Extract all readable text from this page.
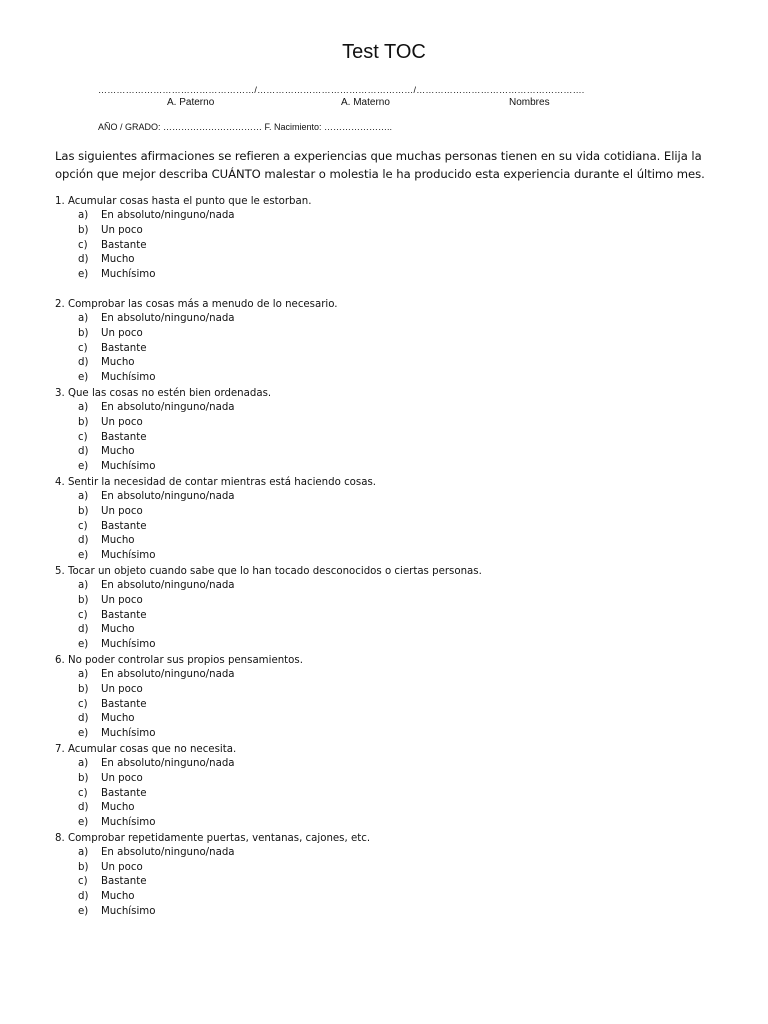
Test TOC
……………………………………………/……………………………………………/……………………………………………….
A. Paterno	A. Materno	Nombres
AÑO / GRADO: …………………………… F. Nacimiento: …………………..
Las siguientes afirmaciones se refieren a experiencias que muchas personas tienen en su vida cotidiana. Elija la opción que mejor describa CUÁNTO malestar o molestia le ha producido esta experiencia durante el último mes.
1. Acumular cosas hasta el punto que le estorban.
a) En absoluto/ninguno/nada
b) Un poco
c) Bastante
d) Mucho
e) Muchísimo
2. Comprobar las cosas más a menudo de lo necesario.
a) En absoluto/ninguno/nada
b) Un poco
c) Bastante
d) Mucho
e) Muchísimo
3. Que las cosas no estén bien ordenadas.
a) En absoluto/ninguno/nada
b) Un poco
c) Bastante
d) Mucho
e) Muchísimo
4. Sentir la necesidad de contar mientras está haciendo cosas.
a) En absoluto/ninguno/nada
b) Un poco
c) Bastante
d) Mucho
e) Muchísimo
5. Tocar un objeto cuando sabe que lo han tocado desconocidos o ciertas personas.
a) En absoluto/ninguno/nada
b) Un poco
c) Bastante
d) Mucho
e) Muchísimo
6. No poder controlar sus propios pensamientos.
a) En absoluto/ninguno/nada
b) Un poco
c) Bastante
d) Mucho
e) Muchísimo
7. Acumular cosas que no necesita.
a) En absoluto/ninguno/nada
b) Un poco
c) Bastante
d) Mucho
e) Muchísimo
8. Comprobar repetidamente puertas, ventanas, cajones, etc.
a) En absoluto/ninguno/nada
b) Un poco
c) Bastante
d) Mucho
e) Muchísimo
